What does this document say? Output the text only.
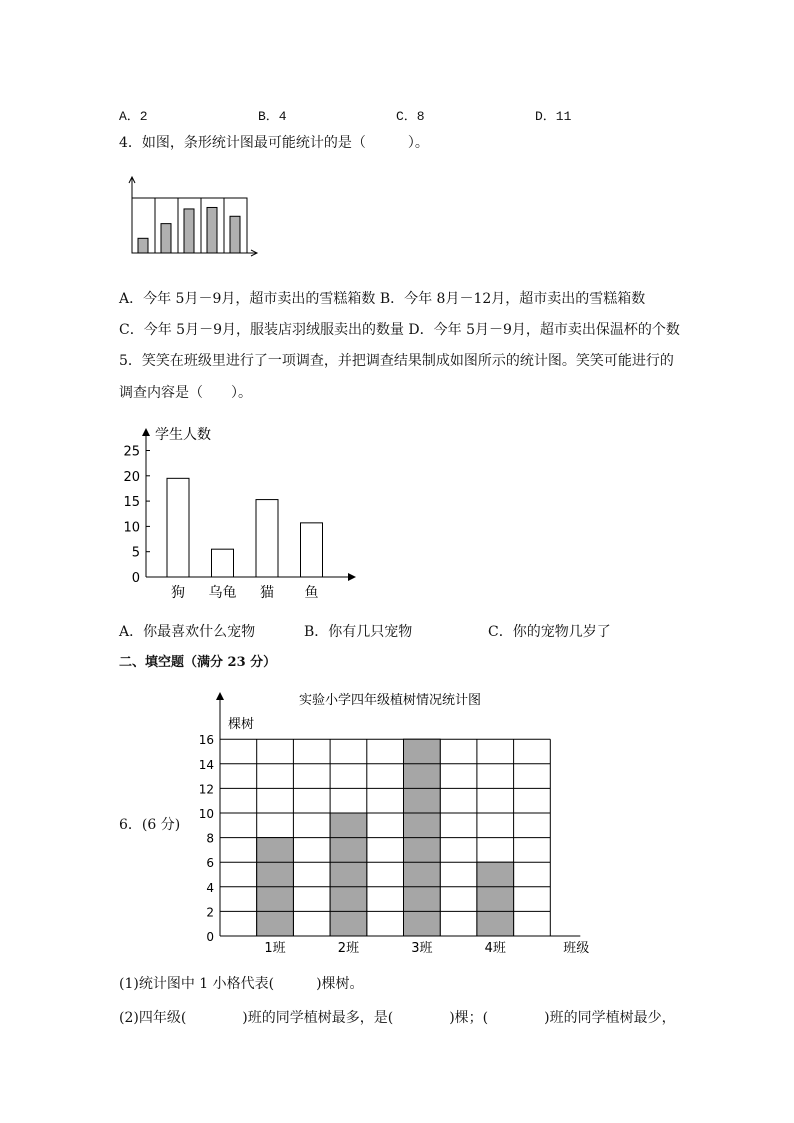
A．2	B．4	C．8	D．11
4．如图，条形统计图最可能统计的是（　　　）。
A．今年 5月－9月，超市卖出的雪糕箱数 B．今年 8月－12月，超市卖出的雪糕箱数
C．今年 5月－9月，服装店羽绒服卖出的数量 D．今年 5月－9月，超市卖出保温杯的个数
5．笑笑在班级里进行了一项调查，并把调查结果制成如图所示的统计图。笑笑可能进行的
调查内容是（　　）。
学生人数
0
5
10
15
20
25
狗 乌龟 猫 鱼
A．你最喜欢什么宠物	B．你有几只宠物	C．你的宠物几岁了
二、填空题（满分 23 分）
6．(6 分)
实验小学四年级植树情况统计图
棵树
1班	2班	3班	4班	班级
0
2
4
6
8
10
12
14
16
(1)统计图中 1 小格代表(　　　)棵树。
(2)四年级(　　　　)班的同学植树最多，是(　　　　)棵；(　　　　)班的同学植树最少，
